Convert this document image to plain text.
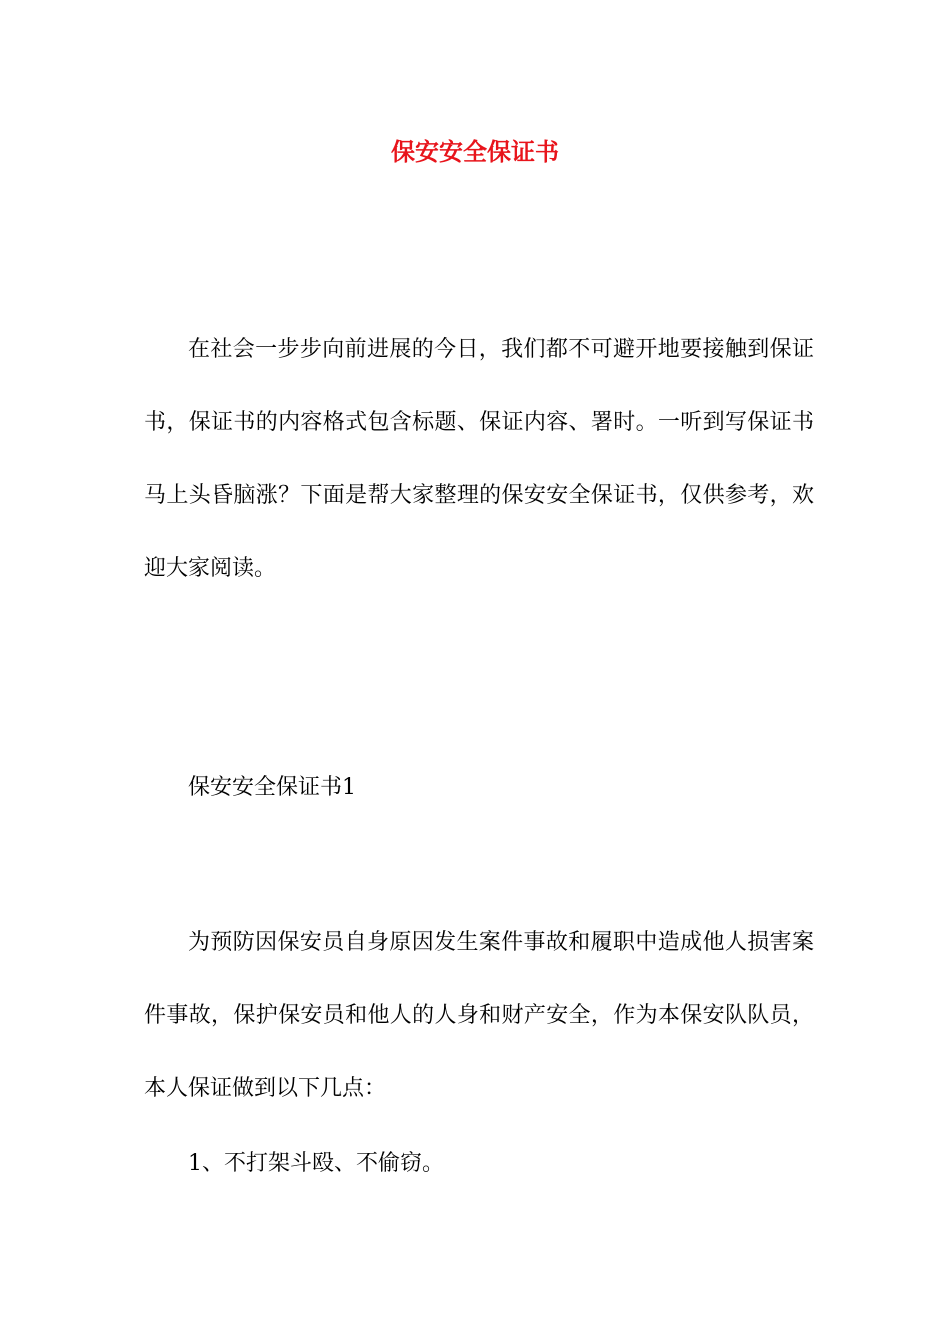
保安安全保证书

在社会一步步向前进展的今日，我们都不可避开地要接触到保证书，保证书的内容格式包含标题、保证内容、署时。一听到写保证书马上头昏脑涨？下面是帮大家整理的保安安全保证书，仅供参考，欢迎大家阅读。

保安安全保证书1

为预防因保安员自身原因发生案件事故和履职中造成他人损害案件事故，保护保安员和他人的人身和财产安全，作为本保安队队员，本人保证做到以下几点：

1、不打架斗殴、不偷窃。
